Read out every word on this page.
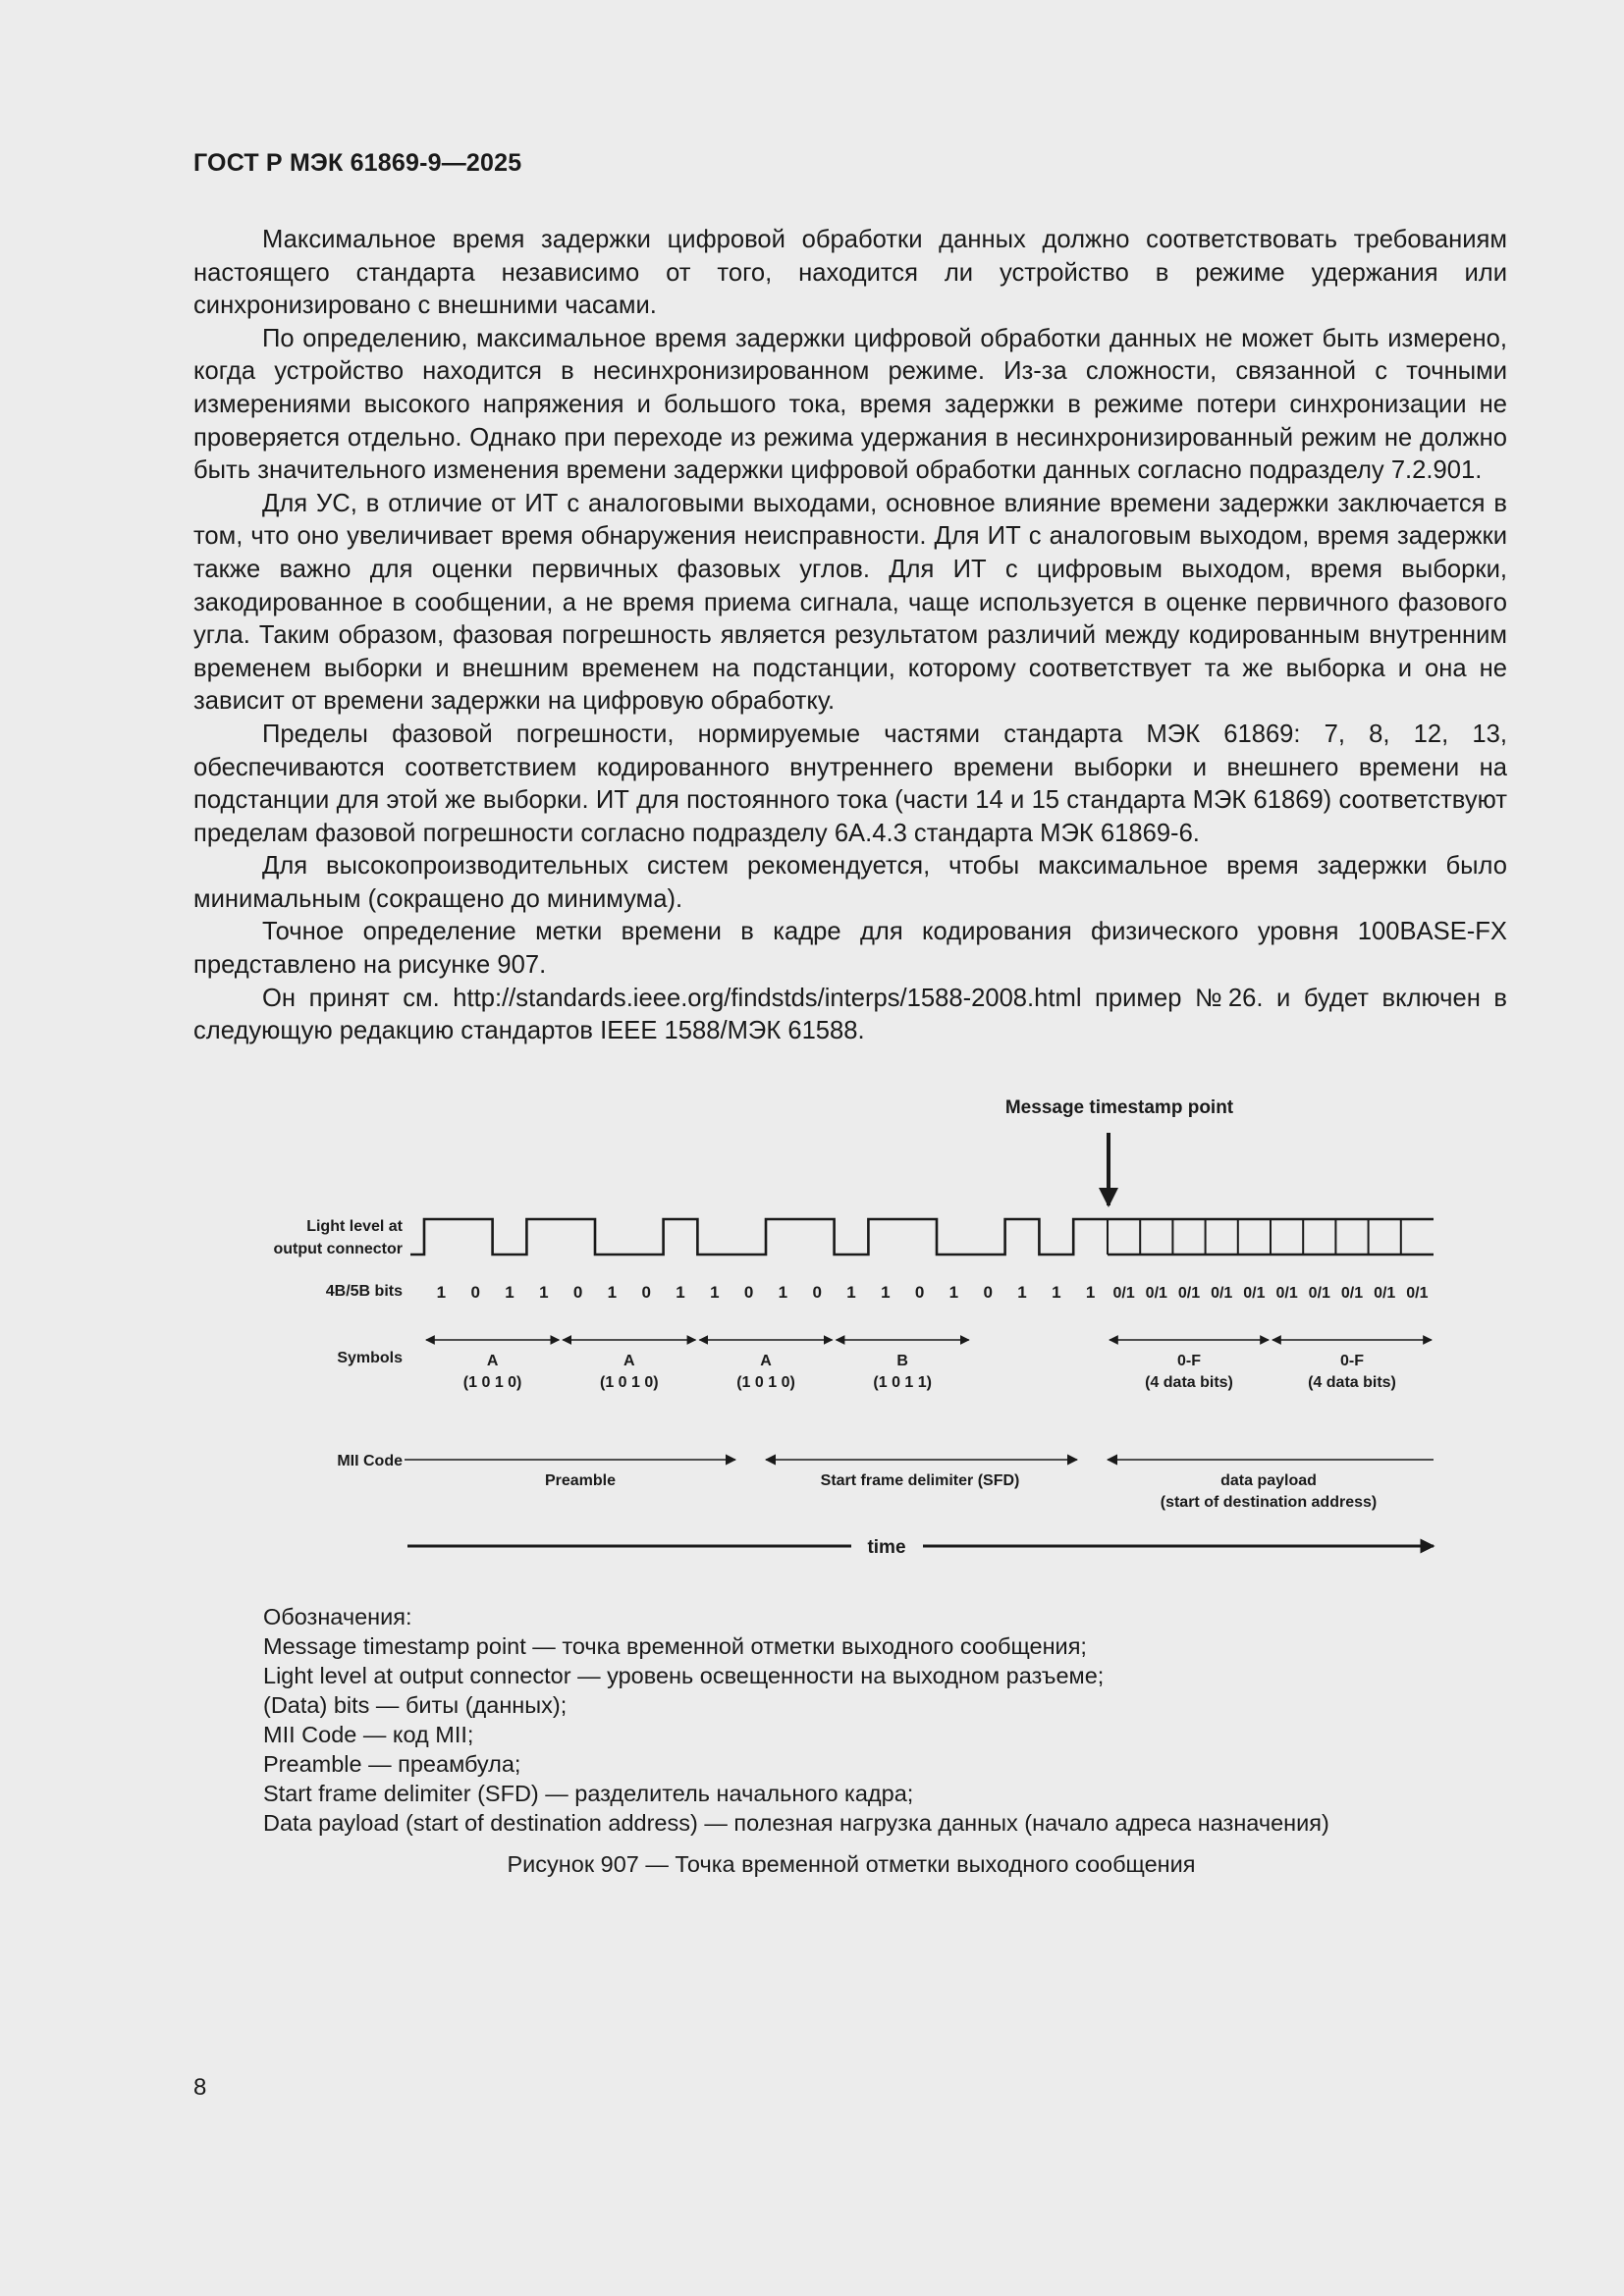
ГОСТ Р МЭК 61869-9—2025

Максимальное время задержки цифровой обработки данных должно соответствовать требованиям настоящего стандарта независимо от того, находится ли устройство в режиме удержания или синхронизировано с внешними часами.

По определению, максимальное время задержки цифровой обработки данных не может быть измерено, когда устройство находится в несинхронизированном режиме. Из-за сложности, связанной с точными измерениями высокого напряжения и большого тока, время задержки в режиме потери синхронизации не проверяется отдельно. Однако при переходе из режима удержания в несинхронизированный режим не должно быть значительного изменения времени задержки цифровой обработки данных согласно подразделу 7.2.901.

Для УС, в отличие от ИТ с аналоговыми выходами, основное влияние времени задержки заключается в том, что оно увеличивает время обнаружения неисправности. Для ИТ с аналоговым выходом, время задержки также важно для оценки первичных фазовых углов. Для ИТ с цифровым выходом, время выборки, закодированное в сообщении, а не время приема сигнала, чаще используется в оценке первичного фазового угла. Таким образом, фазовая погрешность является результатом различий между кодированным внутренним временем выборки и внешним временем на подстанции, которому соответствует та же выборка и она не зависит от времени задержки на цифровую обработку.

Пределы фазовой погрешности, нормируемые частями стандарта МЭК 61869: 7, 8, 12, 13, обеспечиваются соответствием кодированного внутреннего времени выборки и внешнего времени на подстанции для этой же выборки. ИТ для постоянного тока (части 14 и 15 стандарта МЭК 61869) соответствуют пределам фазовой погрешности согласно подразделу 6А.4.3 стандарта МЭК 61869-6.

Для высокопроизводительных систем рекомендуется, чтобы максимальное время задержки было минимальным (сокращено до минимума).

Точное определение метки времени в кадре для кодирования физического уровня 100BASE-FX представлено на рисунке 907.

Он принят см. http://standards.ieee.org/findstds/interps/1588-2008.html пример №26. и будет включен в следующую редакцию стандартов IEEE 1588/МЭК 61588.

Message timestamp point
Light level at
output connector
1 0 1 1 0 1 0 1 1 0 1 0 1 1 0 1 0 1 1 1 0/1 0/1 0/1 0/1 0/1 0/1 0/1 0/1 0/1 0/1
A
(1 0 1 0)
A
(1 0 1 0)
A
(1 0 1 0)
B
(1 0 1 1)
0-F
(4 data bits)
0-F
(4 data bits)
4B/5B bits
Symbols
MII Code
Preamble	Start frame delimiter (SFD)	data payload
(start of destination address)
time
Обозначения:
Message timestamp point — точка временной отметки выходного сообщения;
Light level at output connector — уровень освещенности на выходном разъеме;
(Data) bits — биты (данных);
MII Code — код MII;
Preamble — преамбула;
Start frame delimiter (SFD) — разделитель начального кадра;
Data payload (start of destination address) — полезная нагрузка данных (начало адреса назначения)
Рисунок 907 — Точка временной отметки выходного сообщения
8
